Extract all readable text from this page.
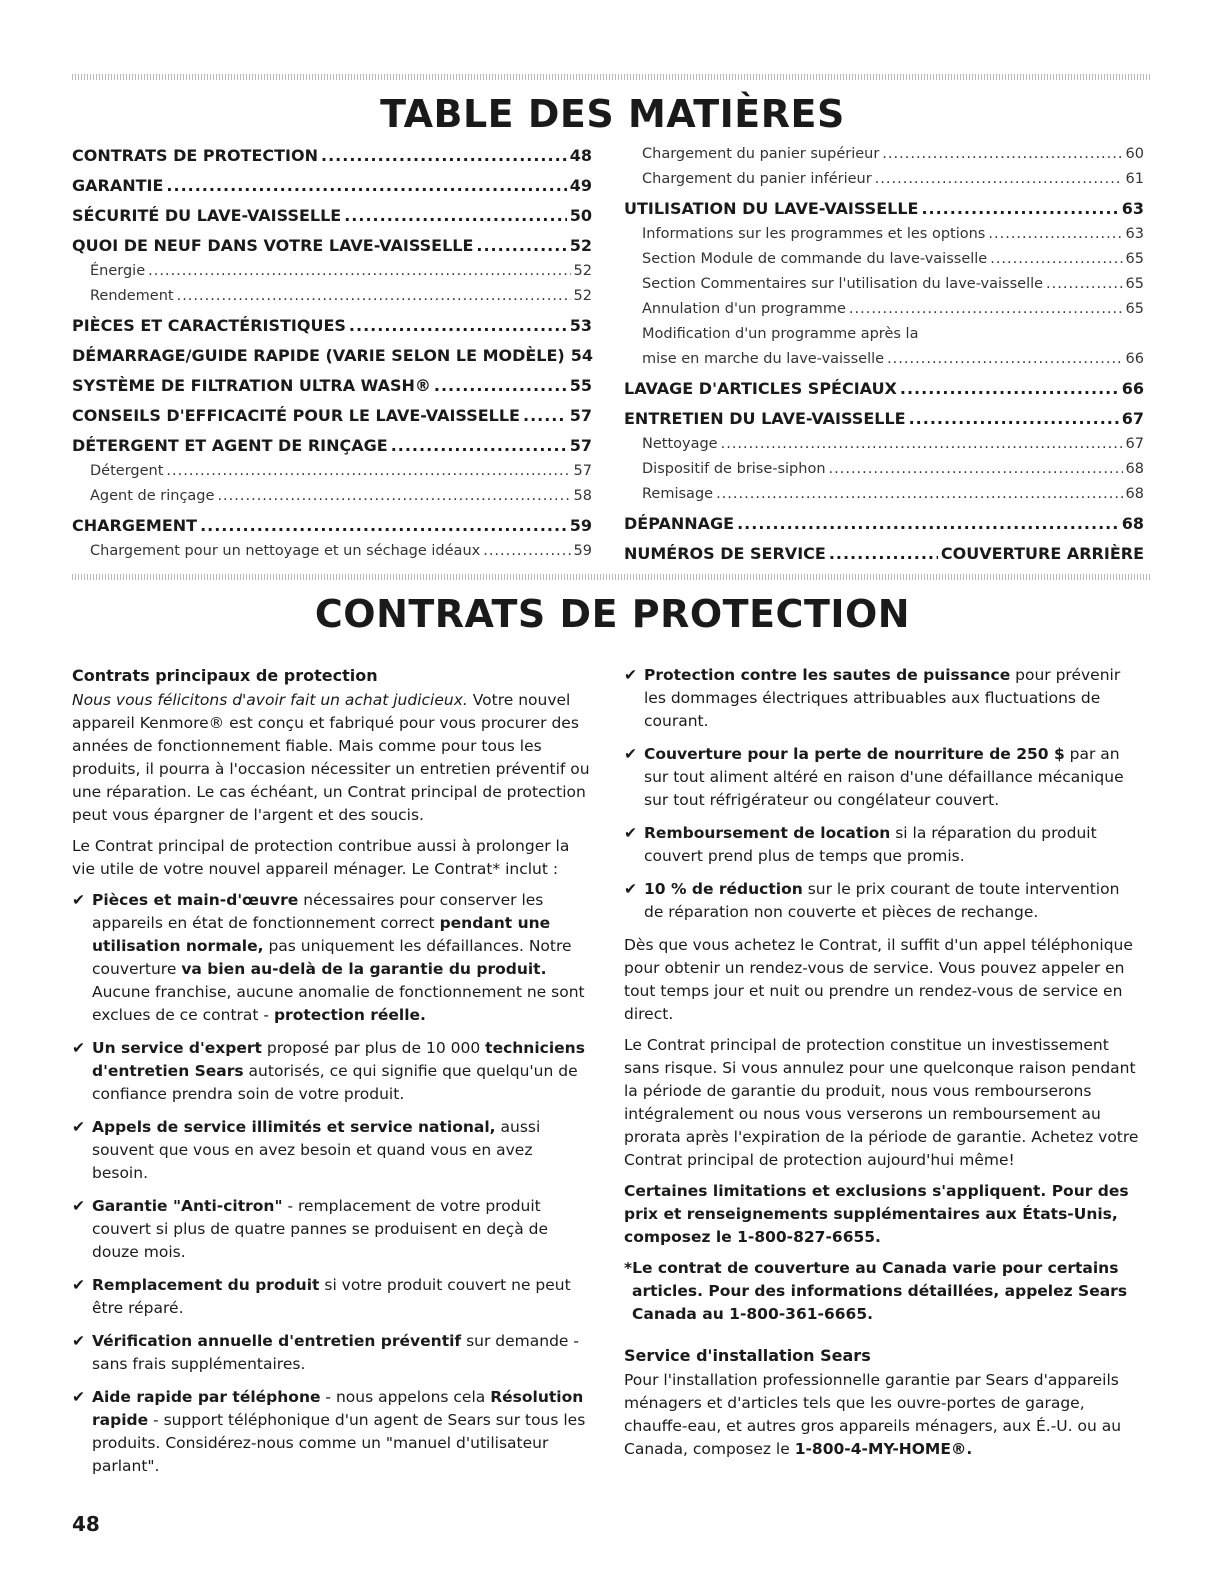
TABLE DES MATIÈRES
CONTRATS DE PROTECTION .....	48
GARANTIE .....	49
SÉCURITÉ DU LAVE-VAISSELLE .....	50
QUOI DE NEUF DANS VOTRE LAVE-VAISSELLE .....	52
Énergie .....	52
Rendement .....	52
PIÈCES ET CARACTÉRISTIQUES .....	53
DÉMARRAGE/GUIDE RAPIDE (VARIE SELON LE MODÈLE) 54
SYSTÈME DE FILTRATION ULTRA WASH® .....	55
CONSEILS D'EFFICACITÉ POUR LE LAVE-VAISSELLE .....	57
DÉTERGENT ET AGENT DE RINÇAGE .....	57
Détergent .....	57
Agent de rinçage .....	58
CHARGEMENT .....	59
Chargement pour un nettoyage et un séchage idéaux .....	59
Chargement du panier supérieur .....	60
Chargement du panier inférieur .....	61
UTILISATION DU LAVE-VAISSELLE .....	63
Informations sur les programmes et les options .....	63
Section Module de commande du lave-vaisselle .....	65
Section Commentaires sur l'utilisation du lave-vaisselle .....	65
Annulation d'un programme .....	65
Modification d'un programme après la
mise en marche du lave-vaisselle .....	66
LAVAGE D'ARTICLES SPÉCIAUX .....	66
ENTRETIEN DU LAVE-VAISSELLE .....	67
Nettoyage .....	67
Dispositif de brise-siphon .....	68
Remisage .....	68
DÉPANNAGE .....	68
NUMÉROS DE SERVICE .....	COUVERTURE ARRIÈRE
CONTRATS DE PROTECTION
Contrats principaux de protection

Nous vous félicitons d'avoir fait un achat judicieux. Votre nouvel appareil Kenmore® est conçu et fabriqué pour vous procurer des années de fonctionnement fiable. Mais comme pour tous les produits, il pourra à l'occasion nécessiter un entretien préventif ou une réparation. Le cas échéant, un Contrat principal de protection peut vous épargner de l'argent et des soucis.

Le Contrat principal de protection contribue aussi à prolonger la vie utile de votre nouvel appareil ménager. Le Contrat* inclut :

✔ Pièces et main-d'œuvre nécessaires pour conserver les appareils en état de fonctionnement correct pendant une utilisation normale, pas uniquement les défaillances. Notre couverture va bien au-delà de la garantie du produit. Aucune franchise, aucune anomalie de fonctionnement ne sont exclues de ce contrat - protection réelle.
✔ Un service d'expert proposé par plus de 10 000 techniciens d'entretien Sears autorisés, ce qui signifie que quelqu'un de confiance prendra soin de votre produit.
✔ Appels de service illimités et service national, aussi souvent que vous en avez besoin et quand vous en avez besoin.
✔ Garantie "Anti-citron" - remplacement de votre produit couvert si plus de quatre pannes se produisent en deçà de douze mois.
✔ Remplacement du produit si votre produit couvert ne peut être réparé.
✔ Vérification annuelle d'entretien préventif sur demande - sans frais supplémentaires.
✔ Aide rapide par téléphone - nous appelons cela Résolution rapide - support téléphonique d'un agent de Sears sur tous les produits. Considérez-nous comme un "manuel d'utilisateur parlant".
✔ Protection contre les sautes de puissance pour prévenir les dommages électriques attribuables aux fluctuations de courant.
✔ Couverture pour la perte de nourriture de 250 $ par an sur tout aliment altéré en raison d'une défaillance mécanique sur tout réfrigérateur ou congélateur couvert.
✔ Remboursement de location si la réparation du produit couvert prend plus de temps que promis.
✔ 10 % de réduction sur le prix courant de toute intervention de réparation non couverte et pièces de rechange.

Dès que vous achetez le Contrat, il suffit d'un appel téléphonique pour obtenir un rendez-vous de service. Vous pouvez appeler en tout temps jour et nuit ou prendre un rendez-vous de service en direct.

Le Contrat principal de protection constitue un investissement sans risque. Si vous annulez pour une quelconque raison pendant la période de garantie du produit, nous vous rembourserons intégralement ou nous vous verserons un remboursement au prorata après l'expiration de la période de garantie. Achetez votre Contrat principal de protection aujourd'hui même!

Certaines limitations et exclusions s'appliquent. Pour des prix et renseignements supplémentaires aux États-Unis, composez le 1-800-827-6655.

*Le contrat de couverture au Canada varie pour certains articles. Pour des informations détaillées, appelez Sears Canada au 1-800-361-6665.

Service d'installation Sears

Pour l'installation professionnelle garantie par Sears d'appareils ménagers et d'articles tels que les ouvre-portes de garage, chauffe-eau, et autres gros appareils ménagers, aux É.-U. ou au Canada, composez le 1-800-4-MY-HOME®.

48
